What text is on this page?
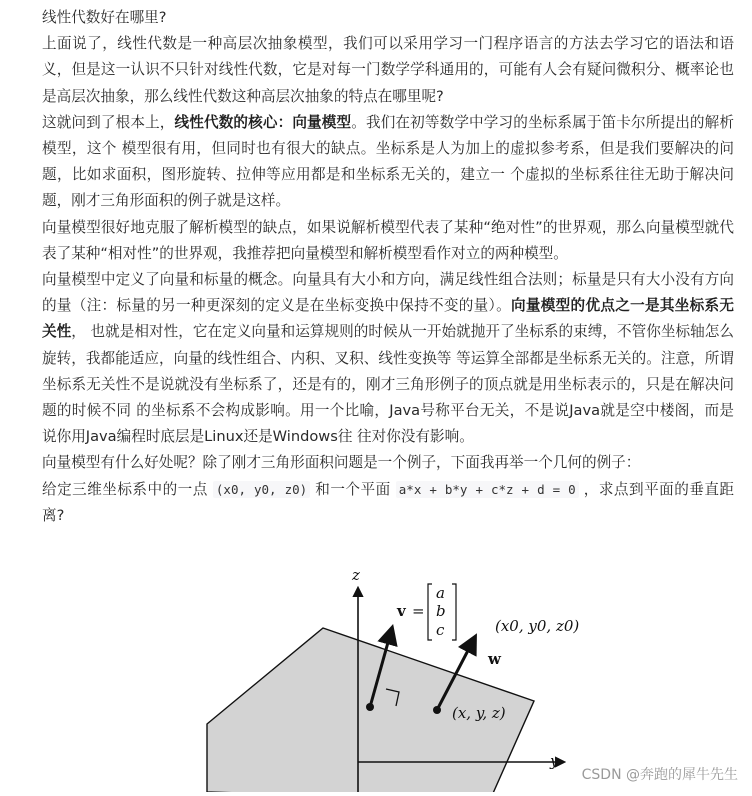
线性代数好在哪里?

上面说了，线性代数是一种高层次抽象模型，我们可以采用学习一门程序语言的方法去学习它的语法和语义，但是这一认识不只针对线性代数，它是对每一门数学学科通用的，可能有人会有疑问微积分、概率论也是高层次抽象，那么线性代数这种高层次抽象的特点在哪里呢?

这就问到了根本上，线性代数的核心：向量模型。我们在初等数学中学习的坐标系属于笛卡尔所提出的解析模型，这个 模型很有用，但同时也有很大的缺点。坐标系是人为加上的虚拟参考系，但是我们要解决的问题，比如求面积，图形旋转、拉伸等应用都是和坐标系无关的，建立一 个虚拟的坐标系往往无助于解决问题，刚才三角形面积的例子就是这样。

向量模型很好地克服了解析模型的缺点，如果说解析模型代表了某种“绝对性”的世界观，那么向量模型就代表了某种“相对性”的世界观，我推荐把向量模型和解析模型看作对立的两种模型。

向量模型中定义了向量和标量的概念。向量具有大小和方向，满足线性组合法则；标量是只有大小没有方向的量（注：标量的另一种更深刻的定义是在坐标变换中保持不变的量）。向量模型的优点之一是其坐标系无关性， 也就是相对性，它在定义向量和运算规则的时候从一开始就抛开了坐标系的束缚，不管你坐标轴怎么旋转，我都能适应，向量的线性组合、内积、叉积、线性变换等 等运算全部都是坐标系无关的。注意，所谓坐标系无关性不是说就没有坐标系了，还是有的，刚才三角形例子的顶点就是用坐标表示的，只是在解决问题的时候不同 的坐标系不会构成影响。用一个比喻，Java号称平台无关，不是说Java就是空中楼阁，而是说你用Java编程时底层是Linux还是Windows往 往对你没有影响。

向量模型有什么好处呢？除了刚才三角形面积问题是一个例子，下面我再举一个几何的例子：

给定三维坐标系中的一点 (x0, y0, z0) 和一个平面 a*x + b*y + c*z + d = 0 ，求点到平面的垂直距离?

z
y
v =
a
b
c
w
(x0, y0, z0)
(x, y, z)
CSDN @奔跑的犀牛先生
